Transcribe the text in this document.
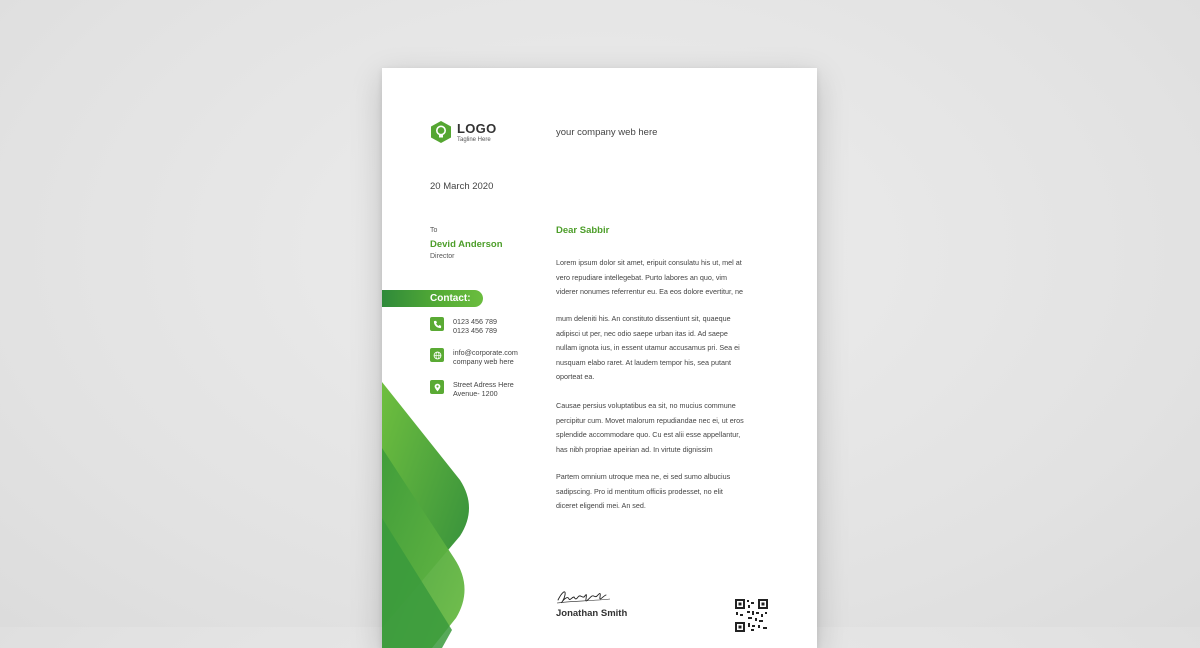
LOGO
Tagline Here
your company web here
20 March 2020
To
Devid Anderson
Director
Contact:
0123 456 789
0123 456 789
info@corporate.com
company web here
Street Adress Here
Avenue- 1200
Dear Sabbir
Lorem ipsum dolor sit amet, eripuit consulatu his ut, mel at
vero repudiare intellegebat. Purto labores an quo, vim
viderer nonumes referrentur eu. Ea eos dolore evertitur, ne
mum deleniti his. An constituto dissentiunt sit, quaeque
adipisci ut per, nec odio saepe urban itas id. Ad saepe
nullam ignota ius, in essent utamur accusamus pri. Sea ei
nusquam elabo raret. At laudem tempor his, sea putant
oporteat ea.
Causae persius voluptatibus ea sit, no mucius commune
percipitur cum. Movet malorum repudiandae nec ei, ut eros
splendide accommodare quo. Cu est alii esse appellantur,
has nibh propriae apeirian ad. In virtute dignissim
Partem omnium utroque mea ne, ei sed sumo albucius
sadipscing. Pro id mentitum officiis prodesset, no elit
diceret eligendi mei. An sed.
Jonathan Smith
